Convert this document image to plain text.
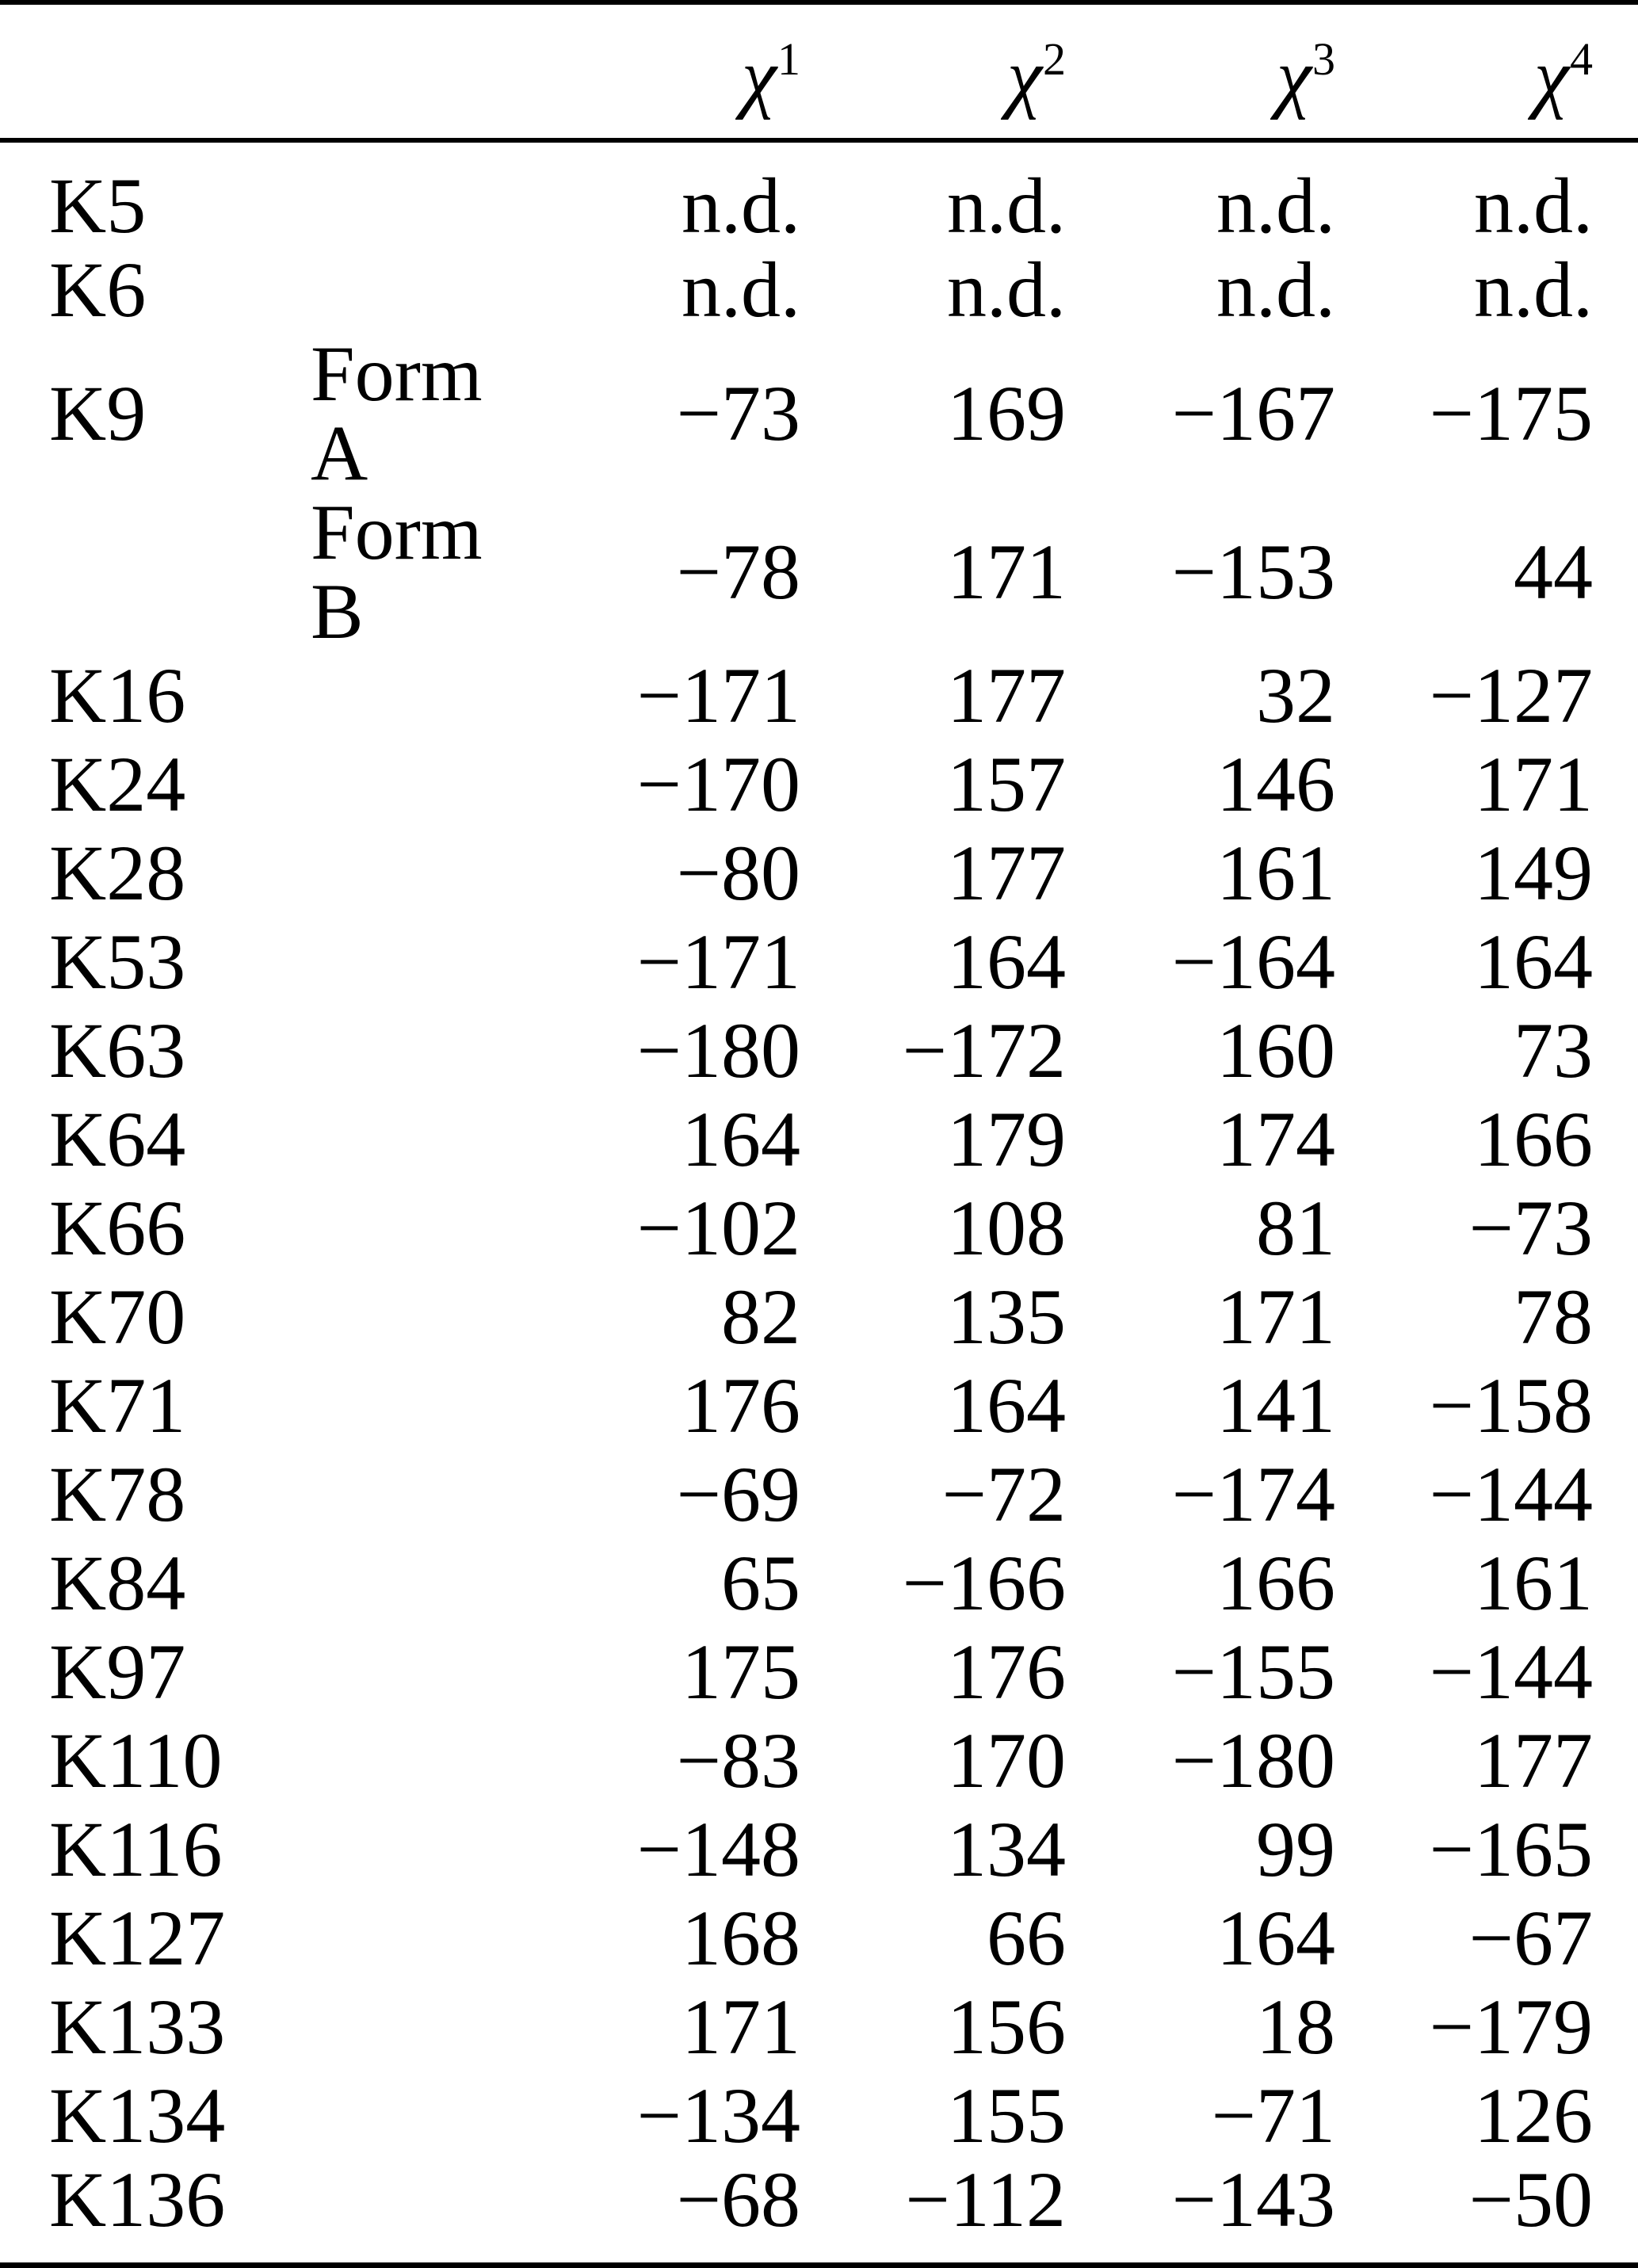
		$\chi^1$	$\chi^2$	$\chi^3$	$\chi^4$	
K5		n.d.	n.d.	n.d.	n.d.	
K6		n.d.	n.d.	n.d.	n.d.	
K9	Form A	−73	169	−167	−175	
	Form B	−78	171	−153	44	
K16		−171	177	32	−127	
K24		−170	157	146	171	
K28		−80	177	161	149	
K53		−171	164	−164	164	
K63		−180	−172	160	73	
K64		164	179	174	166	
K66		−102	108	81	−73	
K70		82	135	171	78	
K71		176	164	141	−158	
K78		−69	−72	−174	−144	
K84		65	−166	166	161	
K97		175	176	−155	−144	
K110		−83	170	−180	177	
K116		−148	134	99	−165	
K127		168	66	164	−67	
K133		171	156	18	−179	
K134		−134	155	−71	126	
K136		−68	−112	−143	−50	
